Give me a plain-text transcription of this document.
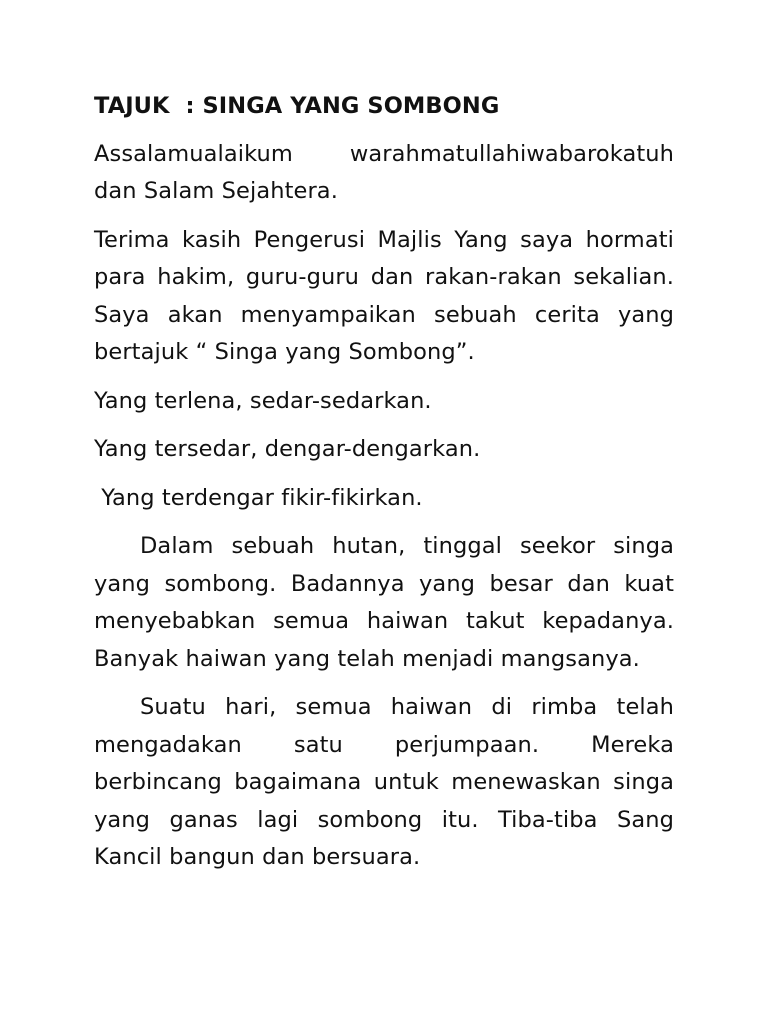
TAJUK  : SINGA YANG SOMBONG
Assalamualaikum warahmatullahiwabarokatuh dan Salam Sejahtera.
Terima kasih Pengerusi Majlis Yang saya hormati para hakim, guru-guru dan rakan-rakan sekalian. Saya akan menyampaikan sebuah cerita yang bertajuk “ Singa yang Sombong”.
Yang terlena, sedar-sedarkan.
Yang tersedar, dengar-dengarkan.
Yang terdengar fikir-fikirkan.
Dalam sebuah hutan, tinggal seekor singa yang sombong. Badannya yang besar dan kuat menyebabkan semua haiwan takut kepadanya. Banyak haiwan yang telah menjadi mangsanya.
Suatu hari, semua haiwan di rimba telah mengadakan satu perjumpaan. Mereka berbincang bagaimana untuk menewaskan singa yang ganas lagi sombong itu. Tiba-tiba Sang Kancil bangun dan bersuara.
